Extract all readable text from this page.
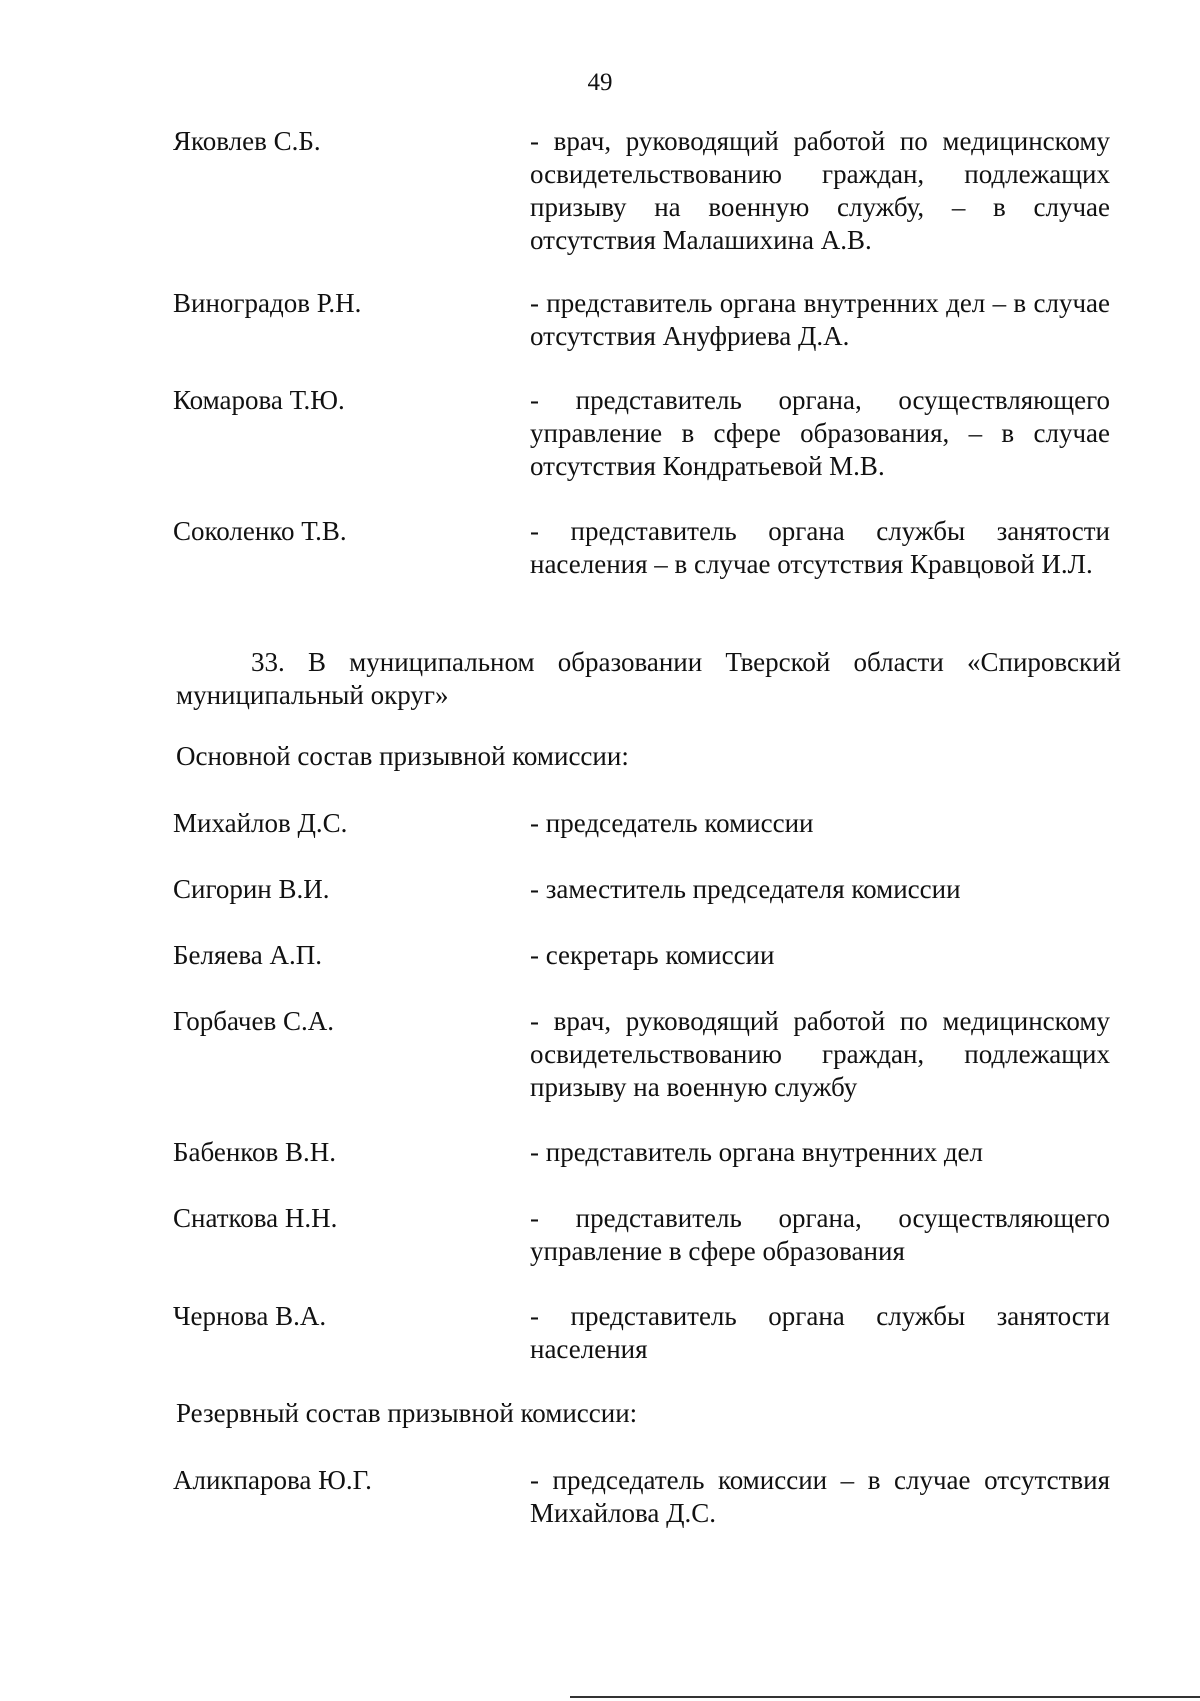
49
Яковлев С.Б.	- врач, руководящий работой по медицинскому освидетельствованию граждан, подлежащих призыву на военную службу, – в случае отсутствия Малашихина А.В.
Виноградов Р.Н.	- представитель органа внутренних дел – в случае отсутствия Ануфриева Д.А.
Комарова Т.Ю.	- представитель органа, осуществляющего управление в сфере образования, – в случае отсутствия Кондратьевой М.В.
Соколенко Т.В.	- представитель органа службы занятости населения – в случае отсутствия Кравцовой И.Л.
33. В муниципальном образовании Тверской области «Спировский муниципальный округ»
Основной состав призывной комиссии:
Михайлов Д.С.	- председатель комиссии
Сигорин В.И.	- заместитель председателя комиссии
Беляева А.П.	- секретарь комиссии
Горбачев С.А.	- врач, руководящий работой по медицинскому освидетельствованию граждан, подлежащих призыву на военную службу
Бабенков В.Н.	- представитель органа внутренних дел
Снаткова Н.Н.	- представитель органа, осуществляющего управление в сфере образования
Чернова В.А.	- представитель органа службы занятости населения
Резервный состав призывной комиссии:
Аликпарова Ю.Г.	- председатель комиссии – в случае отсутствия Михайлова Д.С.
